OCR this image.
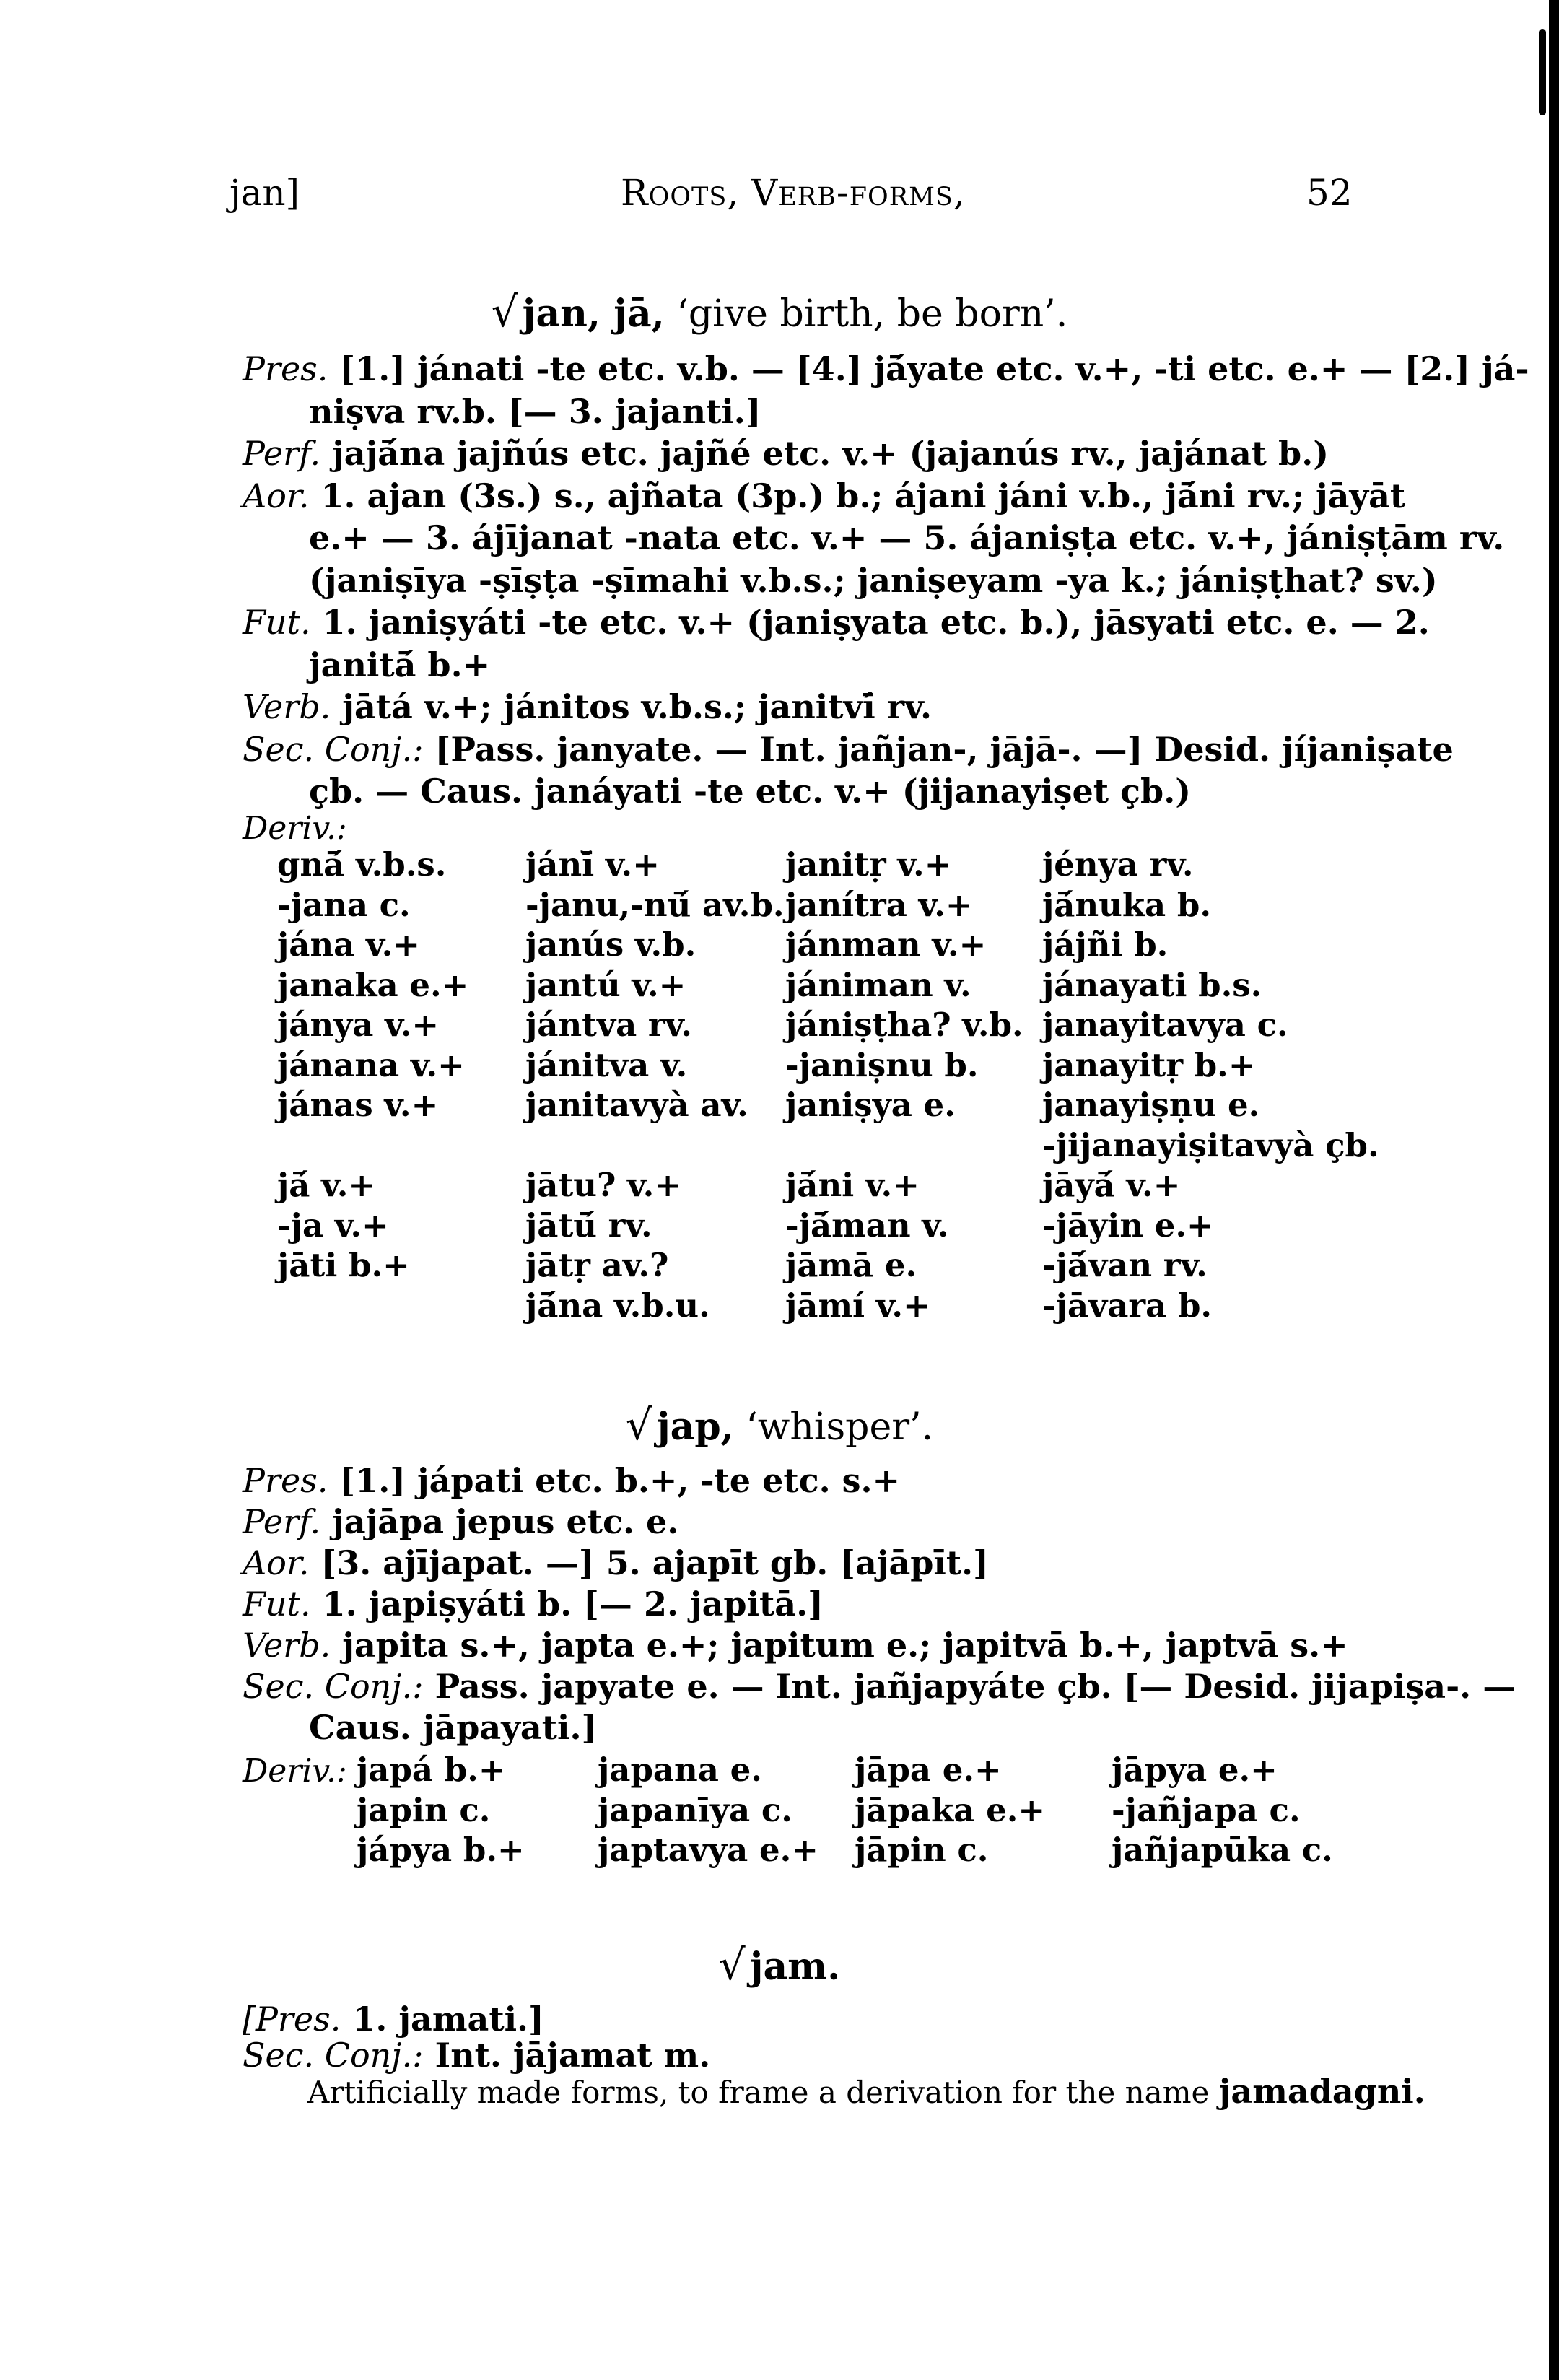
jan]	Roots, Verb-forms,	52
√ jan, jā, ‘give birth, be born’.
Pres. [1.] jánati -te etc. v.b. — [4.] jā́yate etc. v.+, -ti etc. e.+ — [2.] já-
niṣva rv.b. [— 3. jajanti.]
Perf. jajā́na jajñús etc. jajñé etc. v.+ (jajanús rv., jajánat b.)
Aor. 1. ajan (3s.) s., ajñata (3p.) b.; ájani jáni v.b., jā́ni rv.; jāyāt
e.+ — 3. ájījanat -nata etc. v.+ — 5. ájaniṣṭa etc. v.+, jániṣṭām rv.
(janiṣīya -ṣīṣṭa -ṣīmahi v.b.s.; janiṣeyam -ya k.; jániṣṭhat? sv.)
Fut. 1. janiṣyáti -te etc. v.+ (janiṣyata etc. b.), jāsyati etc. e. — 2.
janitā́ b.+
Verb. jātá v.+; jánitos v.b.s.; janitvī́ rv.
Sec. Conj.: [Pass. janyate. — Int. jañjan-, jājā-. —] Desid. jíjaniṣate
çb. — Caus. janáyati -te etc. v.+ (jijanayiṣet çb.)
Deriv.:
gnā́ v.b.s.
-jana c.
jána v.+
janaka e.+
jánya v.+
jánana v.+
jánas v.+
jā́ v.+
-ja v.+
jāti b.+
jánī̆ v.+
-janu,-nū́ av.b.
janús v.b.
jantú v.+
jántva rv.
jánitva v.
janitavyà av.
jātu? v.+
jātū́ rv.
jātṛ av.?
jā́na v.b.u.
janitṛ v.+
janítra v.+
jánman v.+
jániman v.
jániṣṭha? v.b.
-janiṣnu b.
janiṣya e.
jā́ni v.+
-jā́man v.
jāmā e.
jāmí v.+
jénya rv.
jā́nuka b.
jájñi b.
jánayati b.s.
janayitavya c.
janayitṛ b.+
janayiṣṇu e.
-jijanayiṣitavyà çb.
jāyā́ v.+
-jāyin e.+
-jā́van rv.
-jāvara b.
√ jap, ‘whisper’.
Pres. [1.] jápati etc. b.+, -te etc. s.+
Perf. jajāpa jepus etc. e.
Aor. [3. ajījapat. —] 5. ajapīt gb. [ajāpīt.]
Fut. 1. japiṣyáti b. [— 2. japitā.]
Verb. japita s.+, japta e.+; japitum e.; japitvā b.+, japtvā s.+
Sec. Conj.: Pass. japyate e. — Int. jañjapyáte çb. [— Desid. jijapiṣa-. —
Caus. jāpayati.]
japá b.+
japin c.
jápya b.+
japana e.
japanīya c.
japtavya e.+
jāpa e.+
jāpaka e.+
jāpin c.
jāpya e.+
-jañjapa c.
jañjapūka c.
√ jam.
[Pres. 1. jamati.]
Sec. Conj.: Int. jājamat m.
Artificially made forms, to frame a derivation for the name jamadagni.
Deriv.:
